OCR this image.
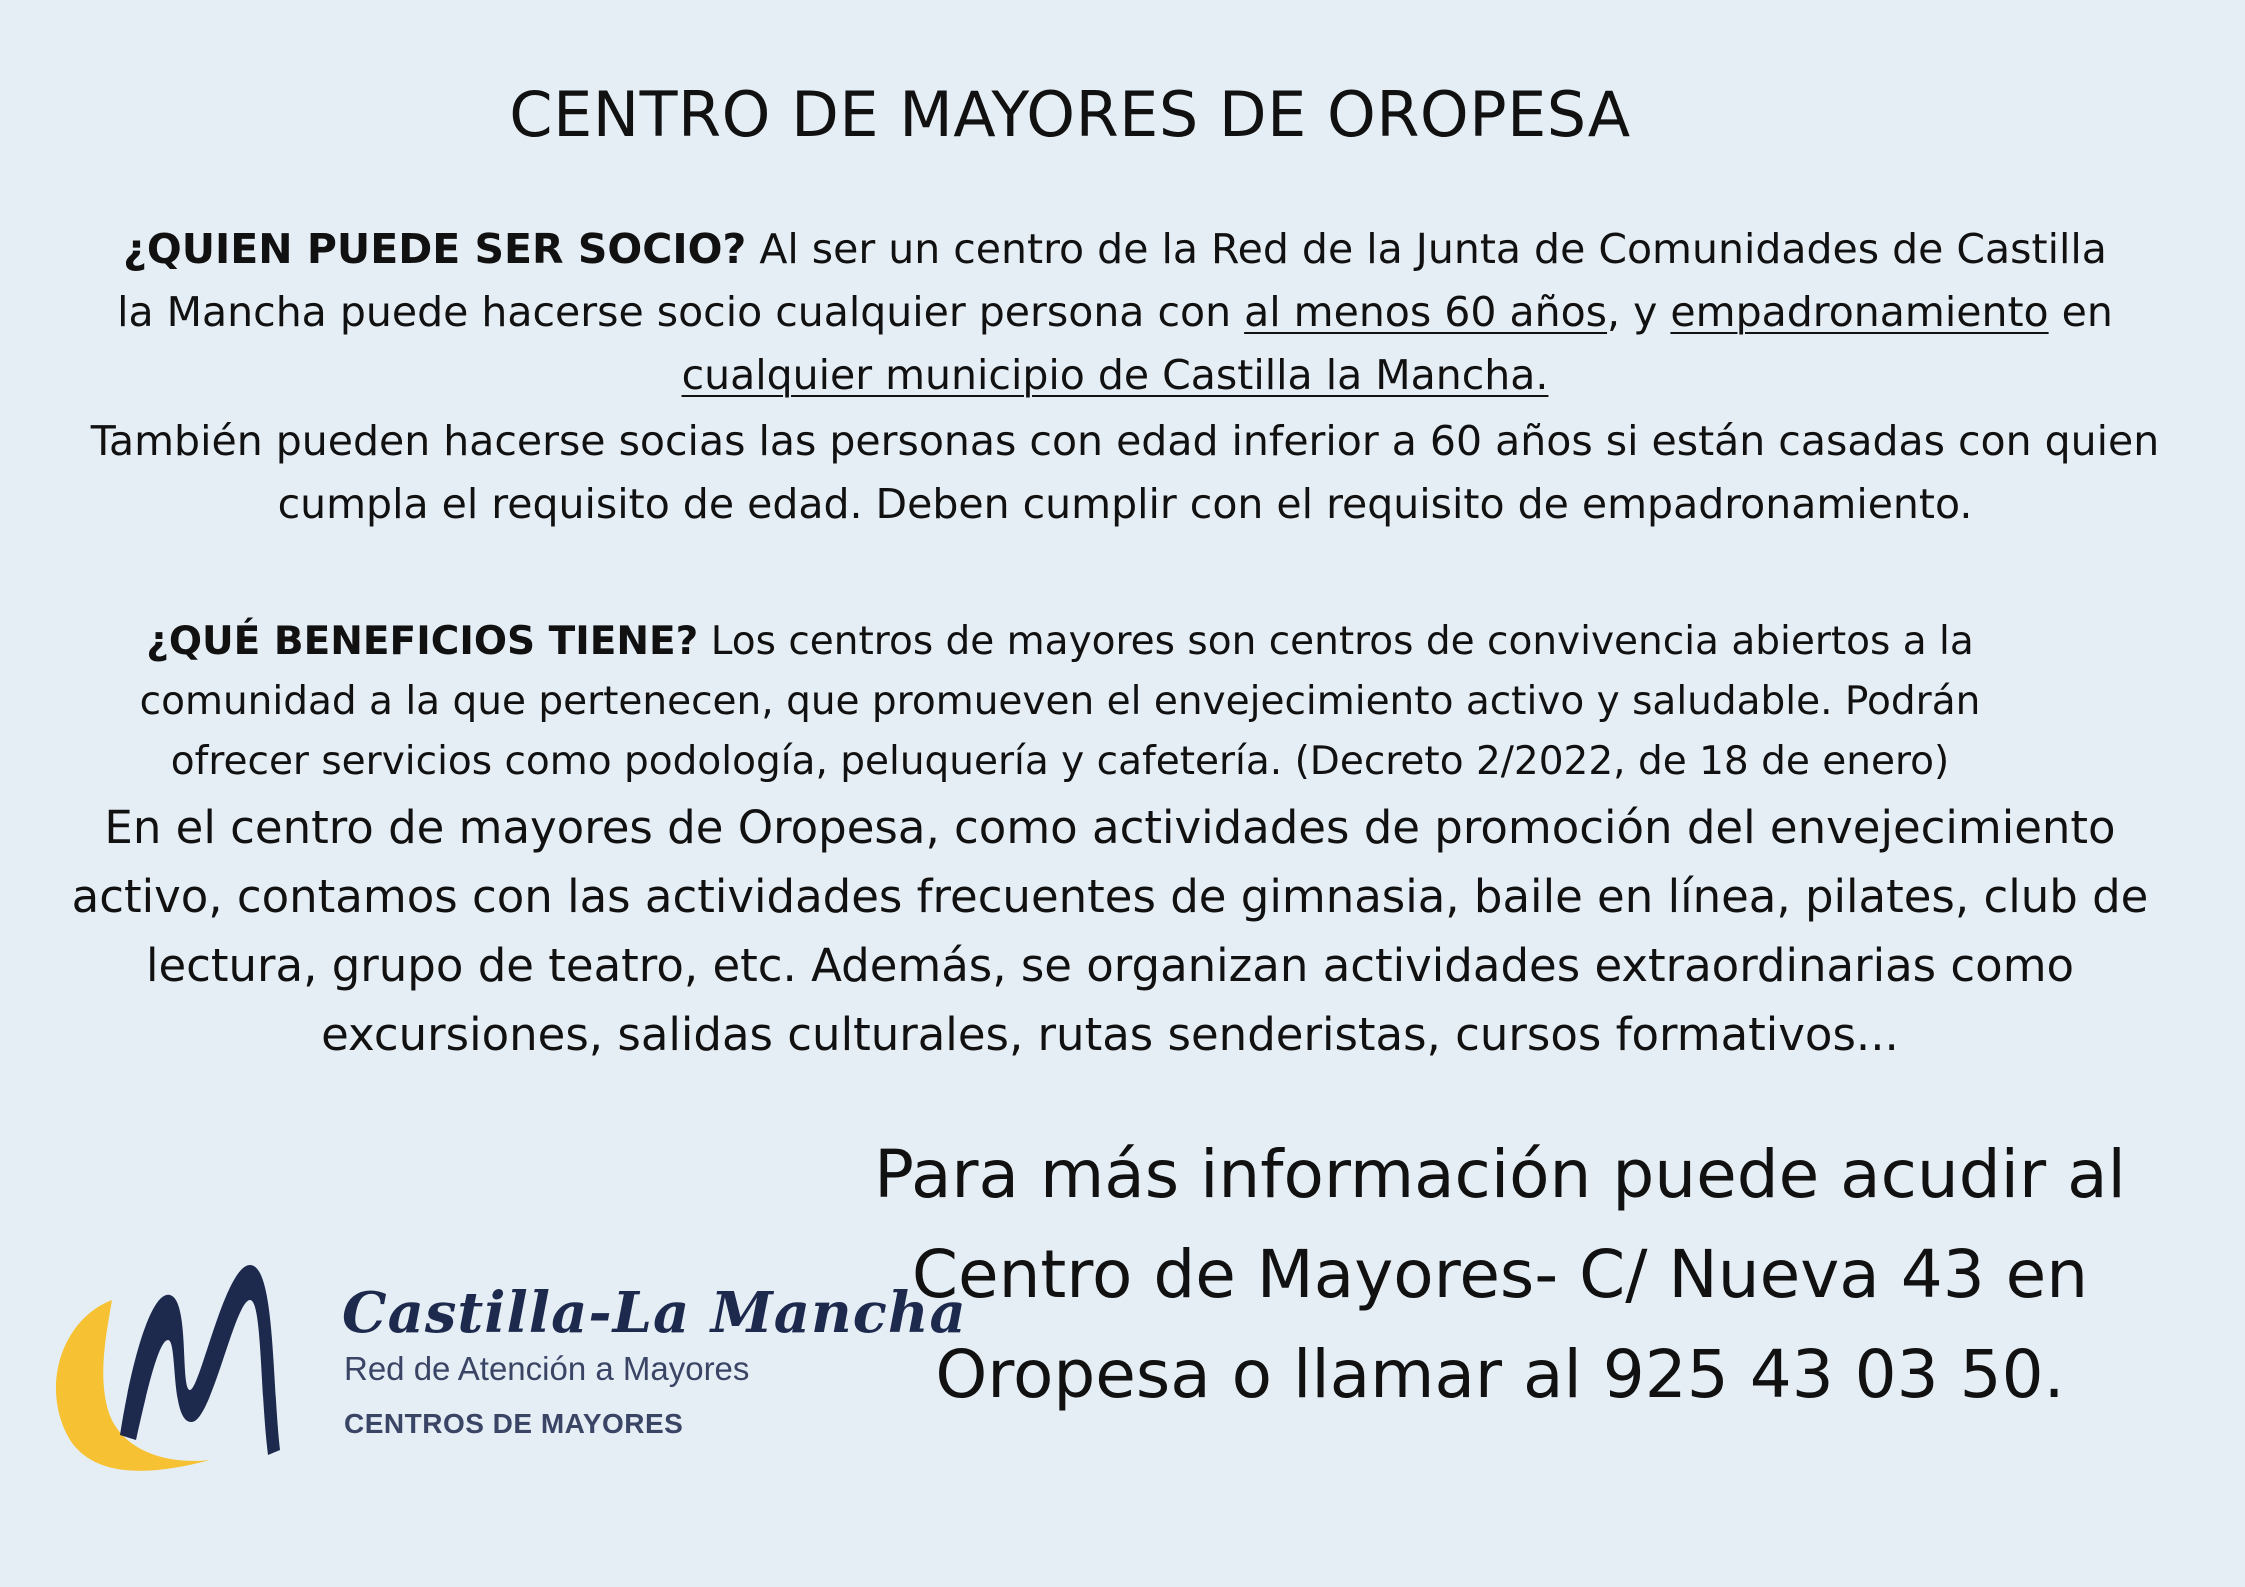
CENTRO DE MAYORES DE OROPESA

¿QUIEN PUEDE SER SOCIO? Al ser un centro de la Red de la Junta de Comunidades de Castilla la Mancha puede hacerse socio cualquier persona con al menos 60 años, y empadronamiento en
cualquier municipio de Castilla la Mancha.

También pueden hacerse socias las personas con edad inferior a 60 años si están casadas con quien cumpla el requisito de edad. Deben cumplir con el requisito de empadronamiento.

¿QUÉ BENEFICIOS TIENE? Los centros de mayores son centros de convivencia abiertos a la comunidad a la que pertenecen, que promueven el envejecimiento activo y saludable. Podrán ofrecer servicios como podología, peluquería y cafetería. (Decreto 2/2022, de 18 de enero)

En el centro de mayores de Oropesa, como actividades de promoción del envejecimiento activo, contamos con las actividades frecuentes de gimnasia, baile en línea, pilates, club de lectura, grupo de teatro, etc. Además, se organizan actividades extraordinarias como excursiones, salidas culturales, rutas senderistas, cursos formativos...

Castilla-La Mancha
Red de Atención a Mayores
CENTROS DE MAYORES

Para más información puede acudir al Centro de Mayores- C/ Nueva 43 en Oropesa o llamar al 925 43 03 50.
